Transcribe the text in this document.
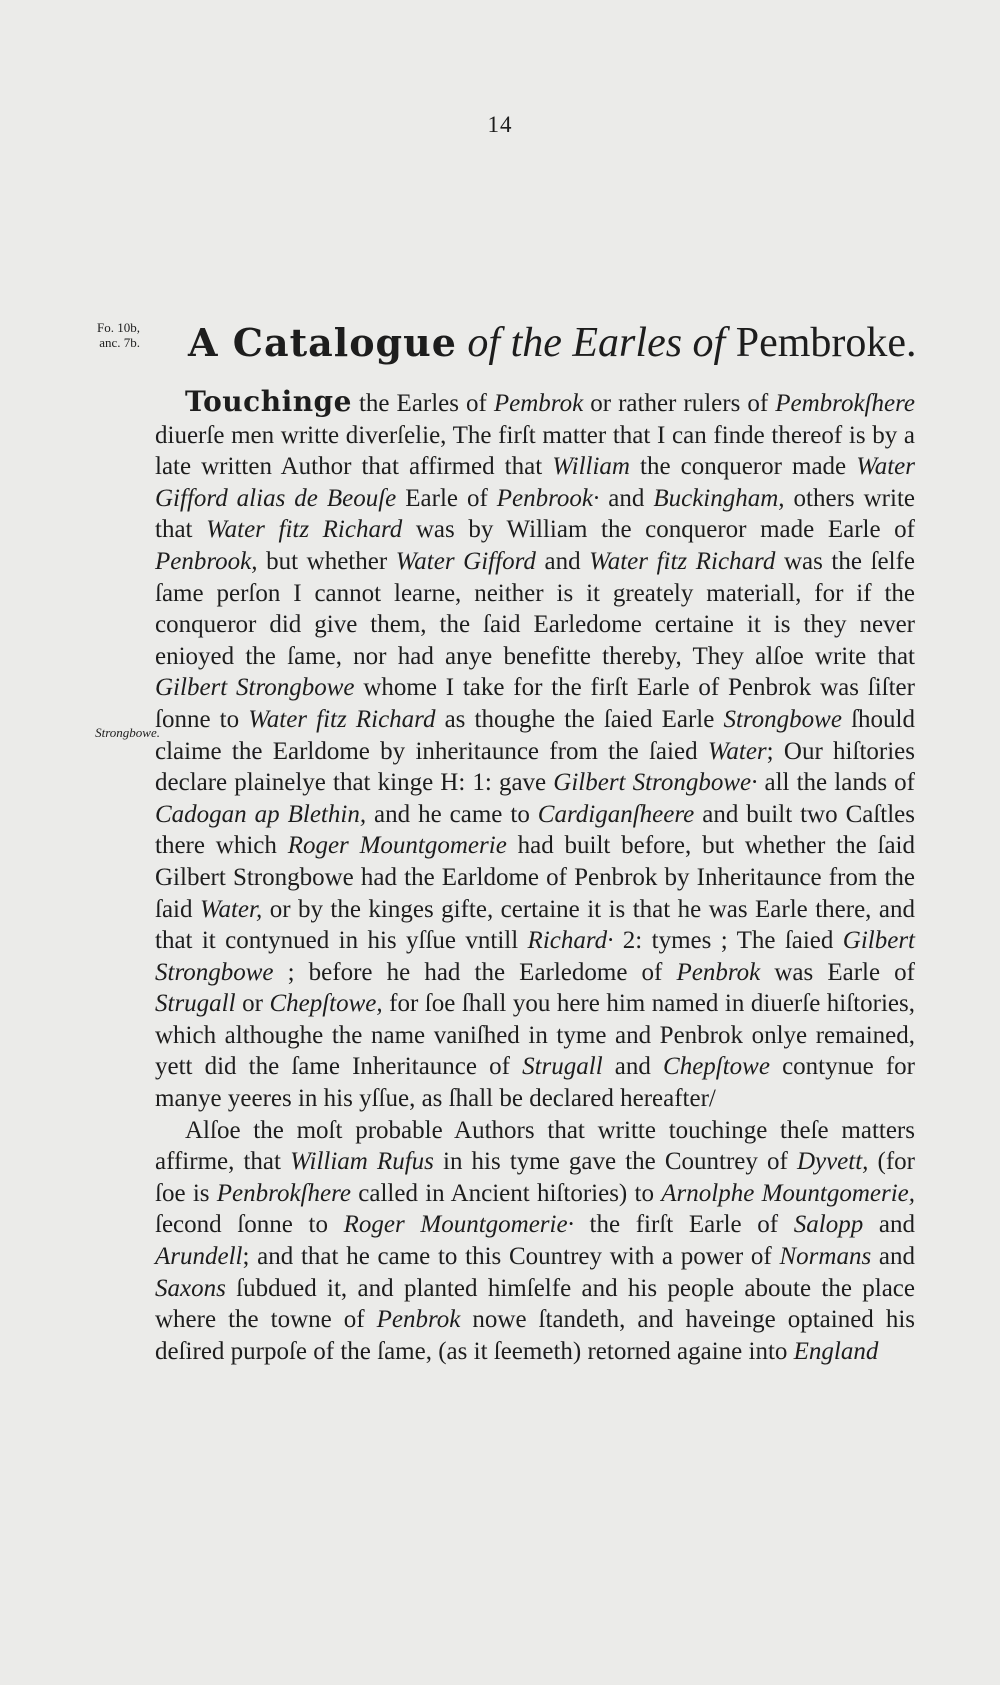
14
Fo. 10b,
anc. 7b. A Catalogue of the Earles of Pembroke.
Strongbowe.

Touchinge the Earles of Pembrok or rather rulers of Pembrokſhere diuerſe men writte diverſelie, The firſt matter that I can finde thereof is by a late written Author that affirmed that William the conqueror made Water Gifford alias de Beouſe Earle of Penbrook· and Buckingham, others write that Water fitz Richard was by William the conqueror made Earle of Penbrook, but whether Water Gifford and Water fitz Richard was the ſelfe ſame perſon I cannot learne, neither is it greately materiall, for if the conqueror did give them, the ſaid Earledome certaine it is they never enioyed the ſame, nor had anye benefitte thereby, They alſoe write that Gilbert Strongbowe whome I take for the firſt Earle of Penbrok was ſiſter ſonne to Water fitz Richard as thoughe the ſaied Earle Strongbowe ſhould claime the Earldome by inheritaunce from the ſaied Water; Our hiſtories declare plainelye that kinge H: 1: gave Gilbert Strongbowe· all the lands of Cadogan ap Blethin, and he came to Cardiganſheere and built two Caſtles there which Roger Mountgomerie had built before, but whether the ſaid Gilbert Strongbowe had the Earldome of Penbrok by Inheritaunce from the ſaid Water, or by the kinges gifte, certaine it is that he was Earle there, and that it contynued in his yſſue vntill Richard· 2: tymes ; The ſaied Gilbert Strongbowe ; before he had the Earledome of Penbrok was Earle of Strugall or Chepſtowe, for ſoe ſhall you here him named in diuerſe hiſtories, which althoughe the name vaniſhed in tyme and Penbrok onlye remained, yett did the ſame Inheritaunce of Strugall and Chepſtowe contynue for manye yeeres in his yſſue, as ſhall be declared hereafter/

Alſoe the moſt probable Authors that writte touchinge theſe matters affirme, that William Rufus in his tyme gave the Countrey of Dyvett, (for ſoe is Penbrokſhere called in Ancient hiſtories) to Arnolphe Mountgomerie, ſecond ſonne to Roger Mountgomerie· the firſt Earle of Salopp and Arundell; and that he came to this Countrey with a power of Normans and Saxons ſubdued it, and planted himſelfe and his people aboute the place where the towne of Penbrok nowe ſtandeth, and haveinge optained his deſired purpoſe of the ſame, (as it ſeemeth) retorned againe into England
